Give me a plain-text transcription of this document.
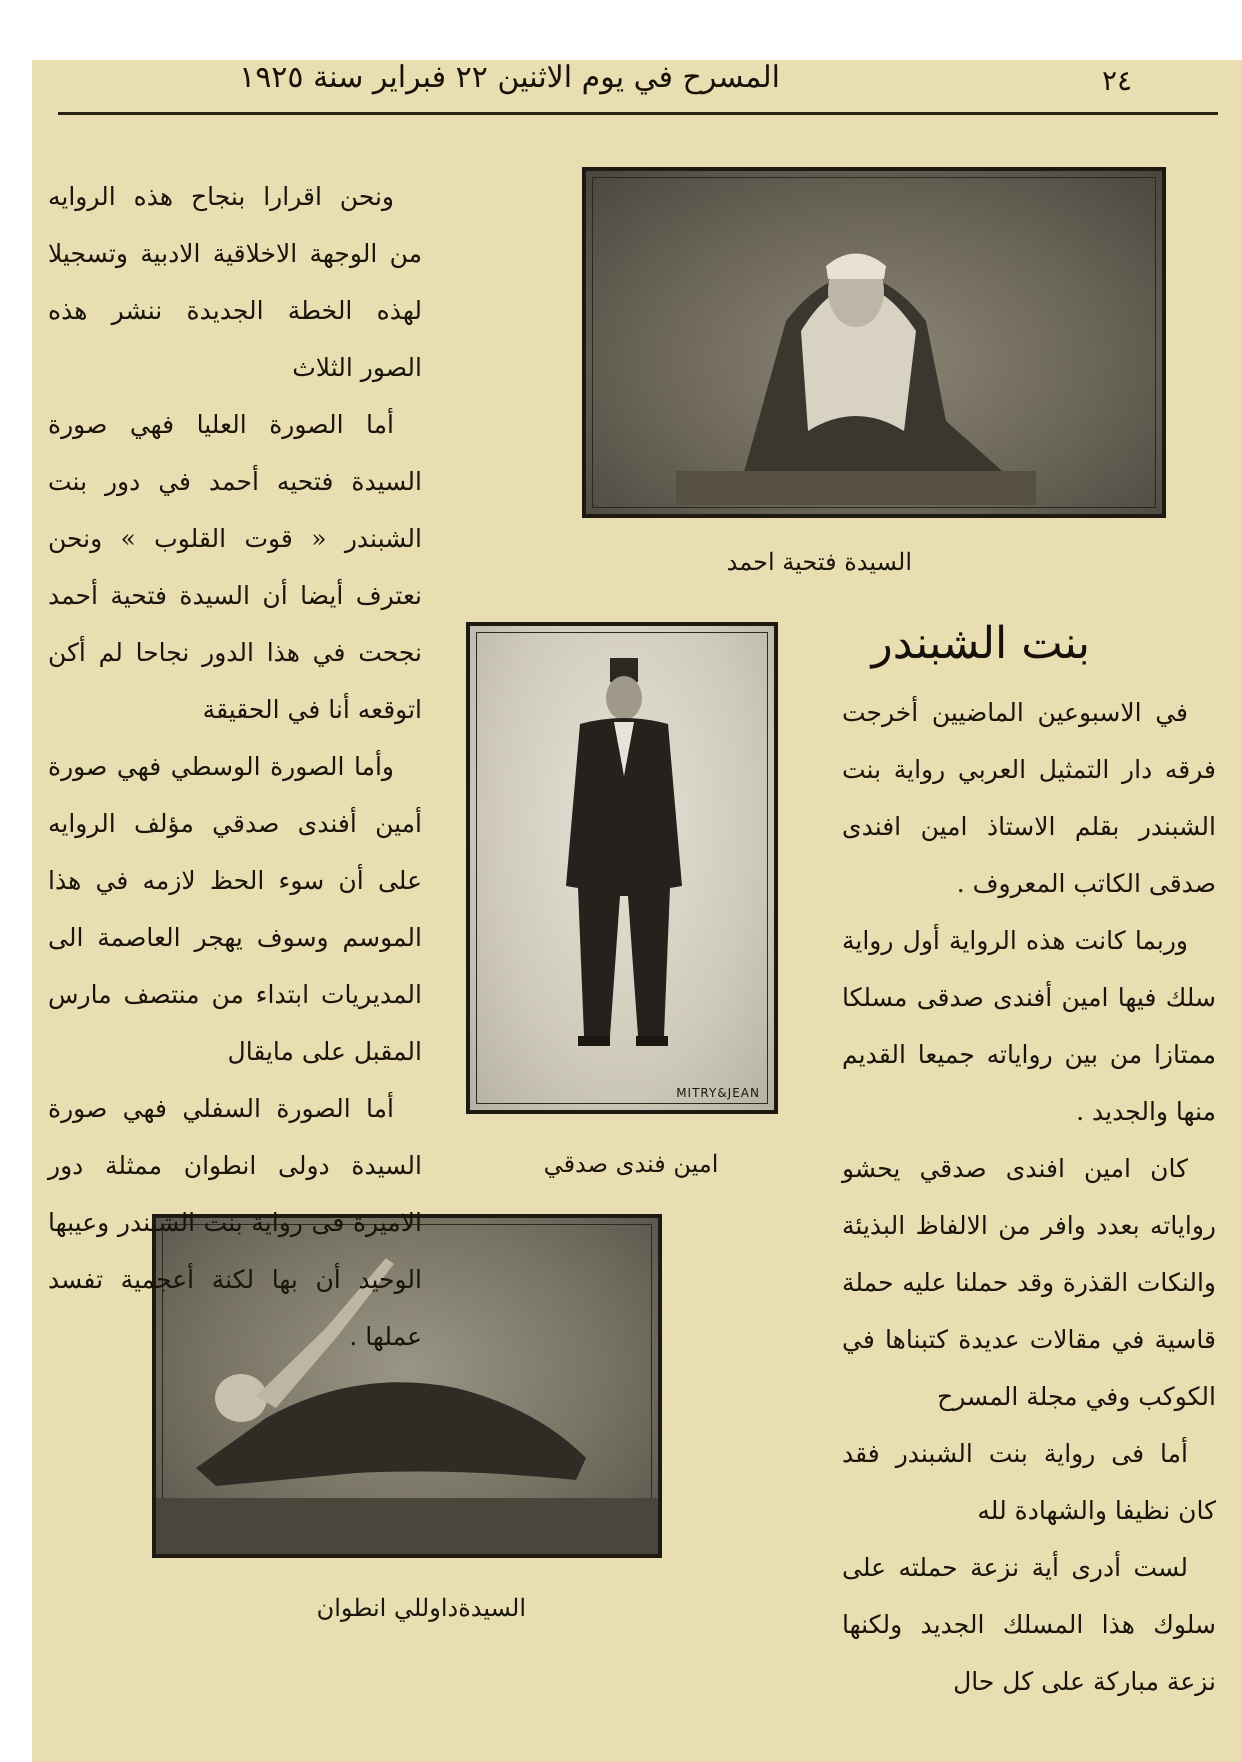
المسرح في يوم الاثنين ٢٢ فبراير سنة ١٩٢٥	٢٤
السيدة فتحية احمد
MITRY&JEAN
امين فندى صدقي
السيدةداوللي انطوان

ونحن اقرارا بنجاح هذه الروايه من الوجهة الاخلاقية الادبية وتسجيلا لهذه الخطة الجديدة ننشر هذه الصور الثلاث

أما الصورة العليا فهي صورة السيدة فتحيه أحمد في دور بنت الشبندر « قوت القلوب » ونحن نعترف أيضا أن السيدة فتحية أحمد نجحت في هذا الدور نجاحا لم أكن اتوقعه أنا في الحقيقة

وأما الصورة الوسطي فهي صورة أمين أفندى صدقي مؤلف الروايه على أن سوء الحظ لازمه في هذا الموسم وسوف يهجر العاصمة الى المديريات ابتداء من منتصف مارس المقبل على مايقال

أما الصورة السفلي فهي صورة السيدة دولى انطوان ممثلة دور الاميرة فى رواية بنت الشبندر وعيبها الوحيد أن بها لكنة أعجمية تفسد عملها .

بنت الشبندر

في الاسبوعين الماضيين أخرجت فرقه دار التمثيل العربي رواية بنت الشبندر بقلم الاستاذ امين افندى صدقى الكاتب المعروف .

وربما كانت هذه الرواية أول رواية سلك فيها امين أفندى صدقى مسلكا ممتازا من بين رواياته جميعا القديم منها والجديد .

كان امين افندى صدقي يحشو رواياته بعدد وافر من الالفاظ البذيئة والنكات القذرة وقد حملنا عليه حملة قاسية في مقالات عديدة كتبناها في الكوكب وفي مجلة المسرح

أما فى رواية بنت الشبندر فقد كان نظيفا والشهادة لله

لست أدرى أية نزعة حملته على سلوك هذا المسلك الجديد ولكنها نزعة مباركة على كل حال
